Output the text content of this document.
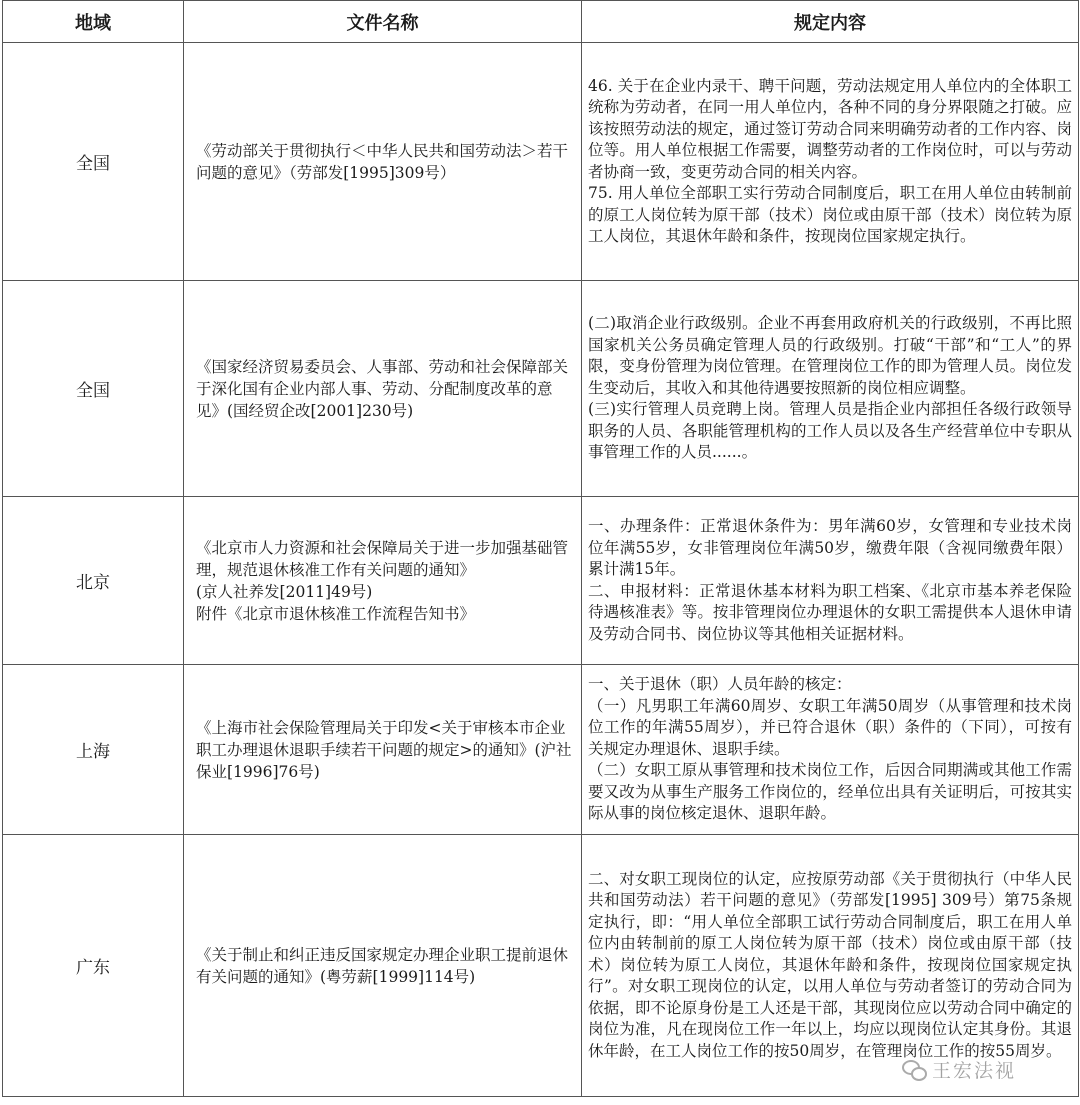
地域	文件名称	规定内容
全国	《劳动部关于贯彻执行＜中华人民共和国劳动法＞若干问题的意见》（劳部发[1995]309号）	46. 关于在企业内录干、聘干问题，劳动法规定用人单位内的全体职工统称为劳动者，在同一用人单位内，各种不同的身分界限随之打破。应该按照劳动法的规定，通过签订劳动合同来明确劳动者的工作内容、岗位等。用人单位根据工作需要，调整劳动者的工作岗位时，可以与劳动者协商一致，变更劳动合同的相关内容。
75. 用人单位全部职工实行劳动合同制度后，职工在用人单位由转制前的原工人岗位转为原干部（技术）岗位或由原干部（技术）岗位转为原工人岗位，其退休年龄和条件，按现岗位国家规定执行。

全国	《国家经济贸易委员会、人事部、劳动和社会保障部关于深化国有企业内部人事、劳动、分配制度改革的意见》(国经贸企改[2001]230号)	(二)取消企业行政级别。企业不再套用政府机关的行政级别，不再比照国家机关公务员确定管理人员的行政级别。打破“干部”和“工人”的界限，变身份管理为岗位管理。在管理岗位工作的即为管理人员。岗位发生变动后，其收入和其他待遇要按照新的岗位相应调整。
(三)实行管理人员竞聘上岗。管理人员是指企业内部担任各级行政领导职务的人员、各职能管理机构的工作人员以及各生产经营单位中专职从事管理工作的人员......。

北京	《北京市人力资源和社会保障局关于进一步加强基础管理，规范退休核准工作有关问题的通知》
(京人社养发[2011]49号)
附件《北京市退休核准工作流程告知书》	一、办理条件：正常退休条件为：男年满60岁，女管理和专业技术岗位年满55岁，女非管理岗位年满50岁，缴费年限（含视同缴费年限）累计满15年。
二、申报材料：正常退休基本材料为职工档案、《北京市基本养老保险待遇核准表》等。按非管理岗位办理退休的女职工需提供本人退休申请及劳动合同书、岗位协议等其他相关证据材料。

上海	《上海市社会保险管理局关于印发<关于审核本市企业职工办理退休退职手续若干问题的规定>的通知》(沪社保业[1996]76号)	一、关于退休（职）人员年龄的核定：
（一）凡男职工年满60周岁、女职工年满50周岁（从事管理和技术岗位工作的年满55周岁），并已符合退休（职）条件的（下同），可按有关规定办理退休、退职手续。
（二）女职工原从事管理和技术岗位工作，后因合同期满或其他工作需要又改为从事生产服务工作岗位的，经单位出具有关证明后，可按其实际从事的岗位核定退休、退职年龄。

广东	《关于制止和纠正违反国家规定办理企业职工提前退休有关问题的通知》(粤劳薪[1999]114号)	二、对女职工现岗位的认定，应按原劳动部《关于贯彻执行（中华人民共和国劳动法）若干问题的意见》（劳部发[1995] 309号）第75条规定执行，即：“用人单位全部职工试行劳动合同制度后，职工在用人单位内由转制前的原工人岗位转为原干部（技术）岗位或由原干部（技术）岗位转为原工人岗位，其退休年龄和条件，按现岗位国家规定执行”。对女职工现岗位的认定，以用人单位与劳动者签订的劳动合同为依据，即不论原身份是工人还是干部，其现岗位应以劳动合同中确定的岗位为准，凡在现岗位工作一年以上，均应以现岗位认定其身份。其退休年龄，在工人岗位工作的按50周岁，在管理岗位工作的按55周岁。
王宏法视
